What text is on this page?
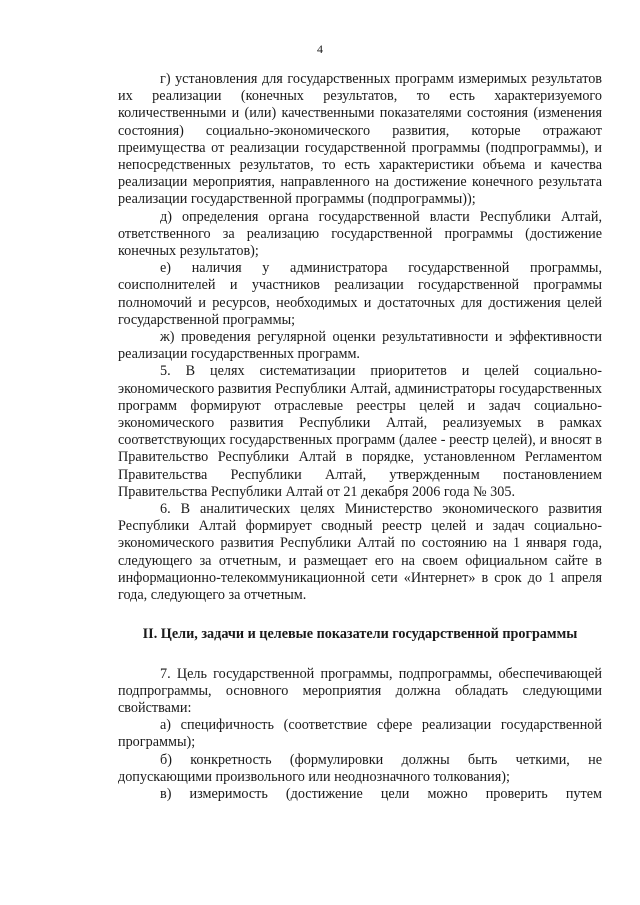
4

г) установления для государственных программ измеримых результатов их реализации (конечных результатов, то есть характеризуемого количественными и (или) качественными показателями состояния (изменения состояния) социально-экономического развития, которые отражают преимущества от реализации государственной программы (подпрограммы), и непосредственных результатов, то есть характеристики объема и качества реализации мероприятия, направленного на достижение конечного результата реализации государственной программы (подпрограммы));

д) определения органа государственной власти Республики Алтай, ответственного за реализацию государственной программы (достижение конечных результатов);

е) наличия у администратора государственной программы, соисполнителей и участников реализации государственной программы полномочий и ресурсов, необходимых и достаточных для достижения целей государственной программы;

ж) проведения регулярной оценки результативности и эффективности реализации государственных программ.

5. В целях систематизации приоритетов и целей социально-экономического развития Республики Алтай, администраторы государственных программ формируют отраслевые реестры целей и задач социально-экономического развития Республики Алтай, реализуемых в рамках соответствующих государственных программ (далее - реестр целей), и вносят в Правительство Республики Алтай в порядке, установленном Регламентом Правительства Республики Алтай, утвержденным постановлением Правительства Республики Алтай от 21 декабря 2006 года № 305.

6. В аналитических целях Министерство экономического развития Республики Алтай формирует сводный реестр целей и задач социально-экономического развития Республики Алтай по состоянию на 1 января года, следующего за отчетным, и размещает его на своем официальном сайте в информационно-телекоммуникационной сети «Интернет» в срок до 1 апреля года, следующего за отчетным.

II. Цели, задачи и целевые показатели государственной программы

7. Цель государственной программы, подпрограммы, обеспечивающей подпрограммы, основного мероприятия должна обладать следующими свойствами:

а) специфичность (соответствие сфере реализации государственной программы);

б) конкретность (формулировки должны быть четкими, не допускающими произвольного или неоднозначного толкования);

в) измеримость (достижение цели можно проверить путем
